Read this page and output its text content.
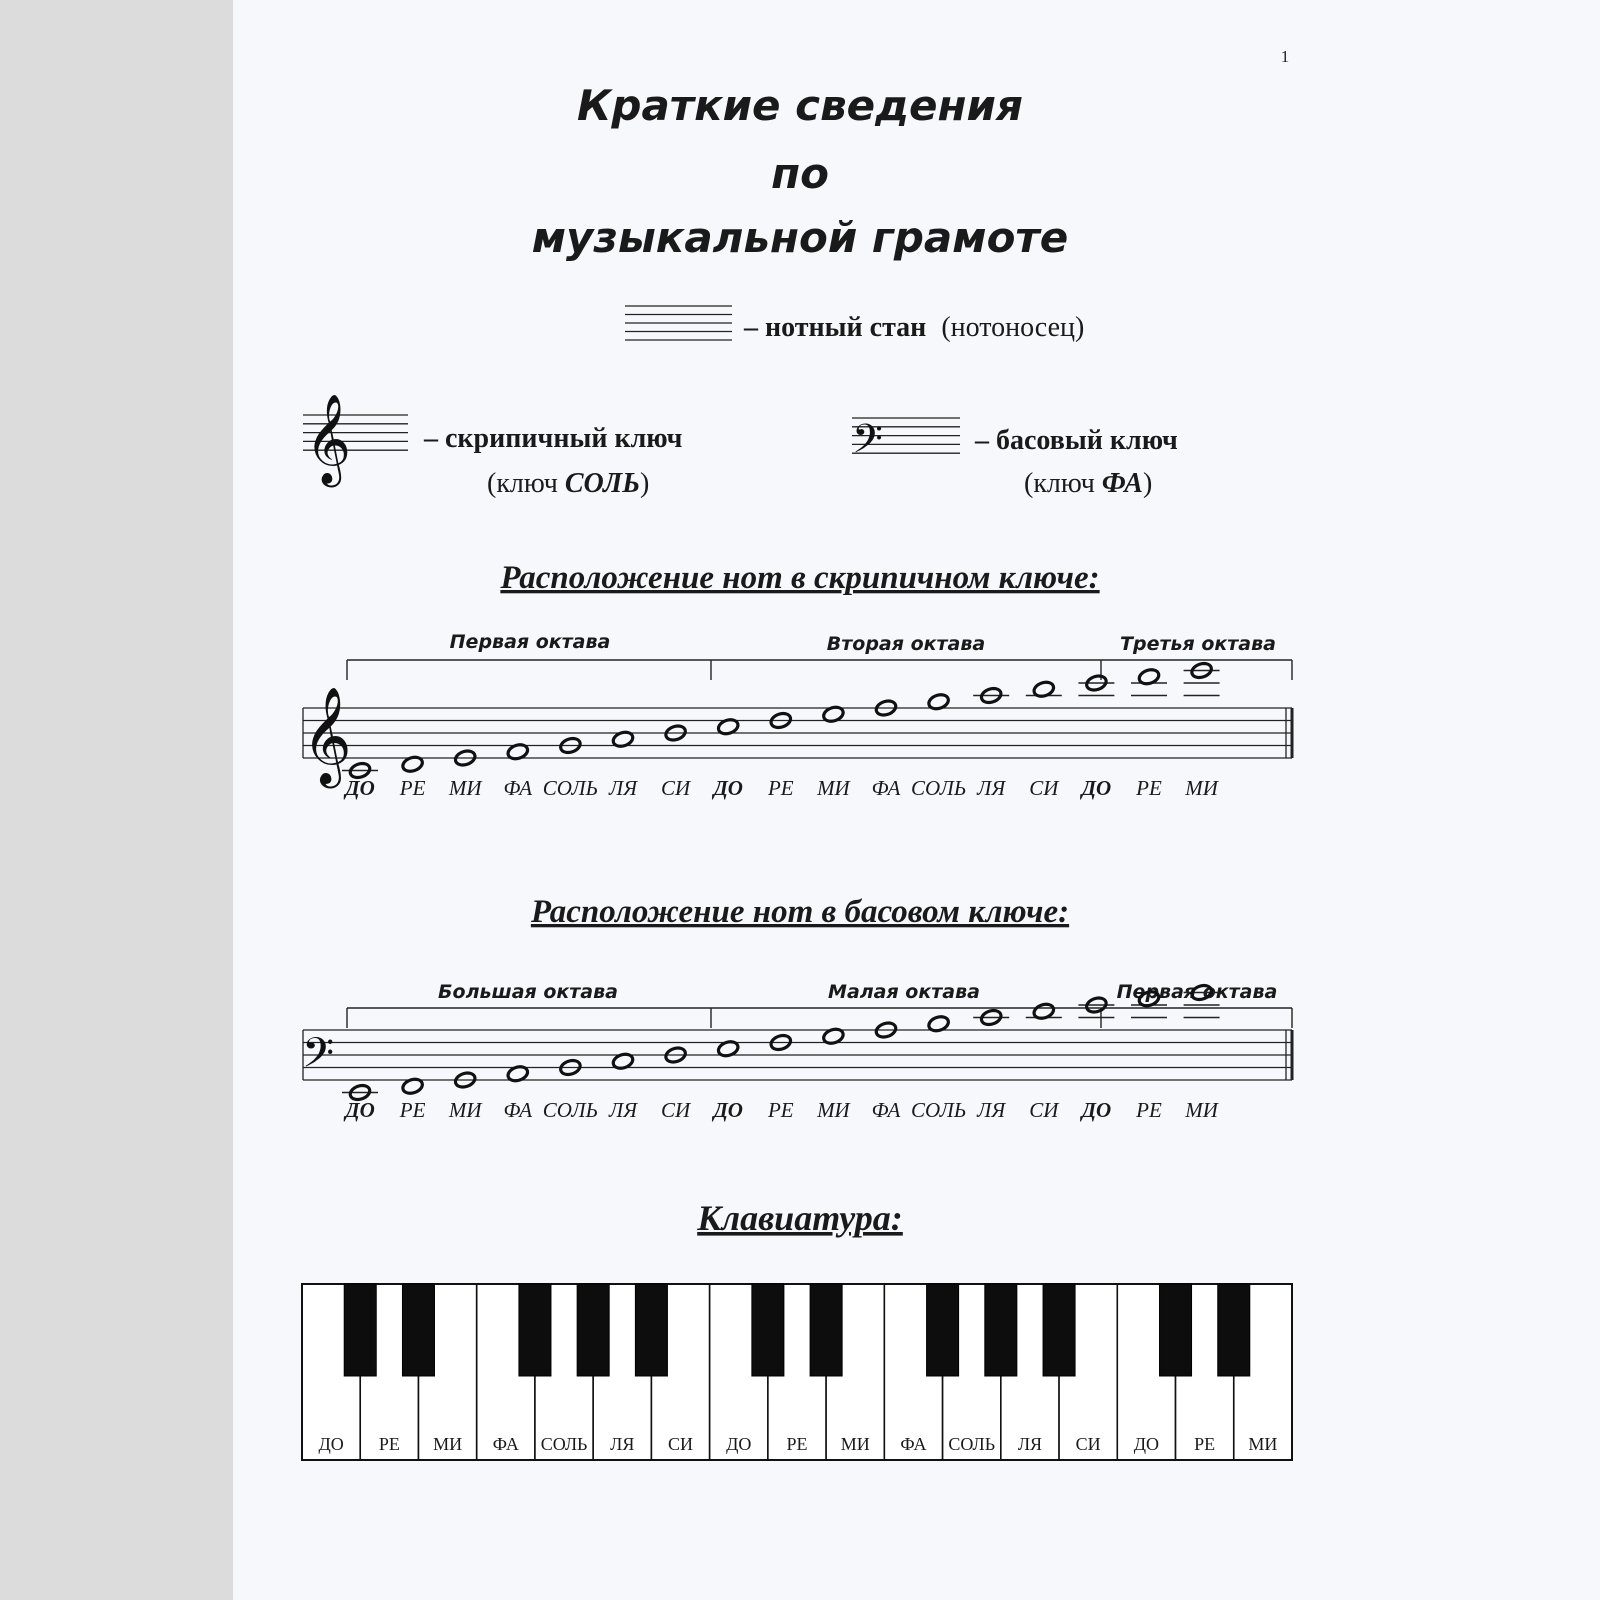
1
Краткие сведения
по
музыкальной грамоте
– нотный стан (нотоносец)
𝄞	– скрипичный ключ
(ключ СОЛЬ)
𝄢	– басовый ключ
(ключ ФА)
Расположение нот в скрипичном ключе:
Первая октава	Вторая октава	Третья октава
𝄞
ДО РЕ МИ ФА СОЛЬ ЛЯ СИ ДО РЕ МИ ФА СОЛЬ ЛЯ СИ ДО РЕ МИ
Расположение нот в басовом ключе:
Большая октава	Малая октава	Первая октава
𝄢
ДО РЕ МИ ФА СОЛЬ ЛЯ СИ ДО РЕ МИ ФА СОЛЬ ЛЯ СИ ДО РЕ МИ
Клавиатура:
ДО РЕ МИ ФА СОЛЬ ЛЯ СИ ДО РЕ МИ ФА СОЛЬ ЛЯ СИ ДО РЕ МИ
